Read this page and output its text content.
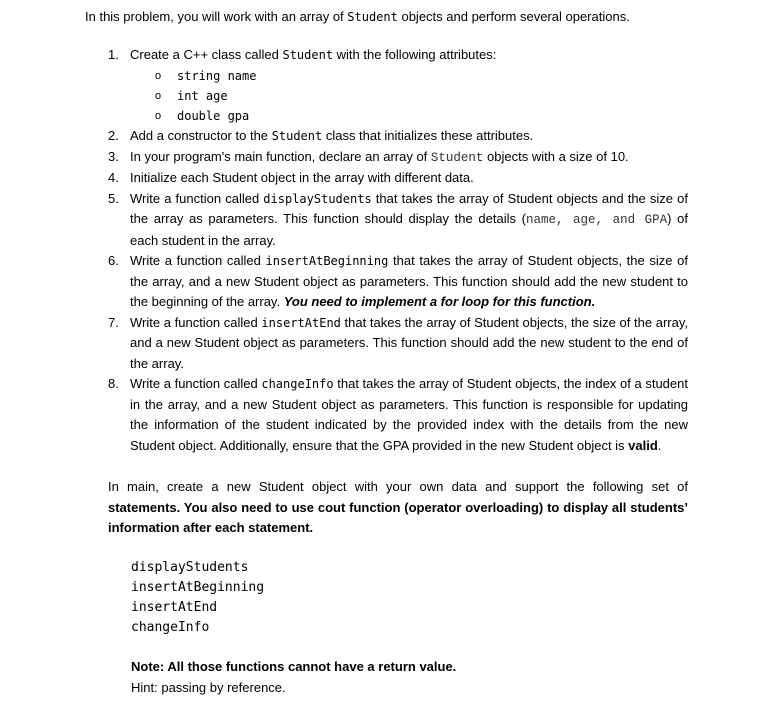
In this problem, you will work with an array of Student objects and perform several operations.
1. Create a C++ class called Student with the following attributes:
o string name
o int age
o double gpa
2. Add a constructor to the Student class that initializes these attributes.
3. In your program's main function, declare an array of Student objects with a size of 10.
4. Initialize each Student object in the array with different data.
5. Write a function called displayStudents that takes the array of Student objects and the size of the array as parameters. This function should display the details (name, age, and GPA) of each student in the array.
6. Write a function called insertAtBeginning that takes the array of Student objects, the size of the array, and a new Student object as parameters. This function should add the new student to the beginning of the array. You need to implement a for loop for this function.
7. Write a function called insertAtEnd that takes the array of Student objects, the size of the array, and a new Student object as parameters. This function should add the new student to the end of the array.
8. Write a function called changeInfo that takes the array of Student objects, the index of a student in the array, and a new Student object as parameters. This function is responsible for updating the information of the student indicated by the provided index with the details from the new Student object. Additionally, ensure that the GPA provided in the new Student object is valid.
In main, create a new Student object with your own data and support the following set of statements. You also need to use cout function (operator overloading) to display all students’ information after each statement.
displayStudents
insertAtBeginning
insertAtEnd
changeInfo
Note: All those functions cannot have a return value.
Hint: passing by reference.
